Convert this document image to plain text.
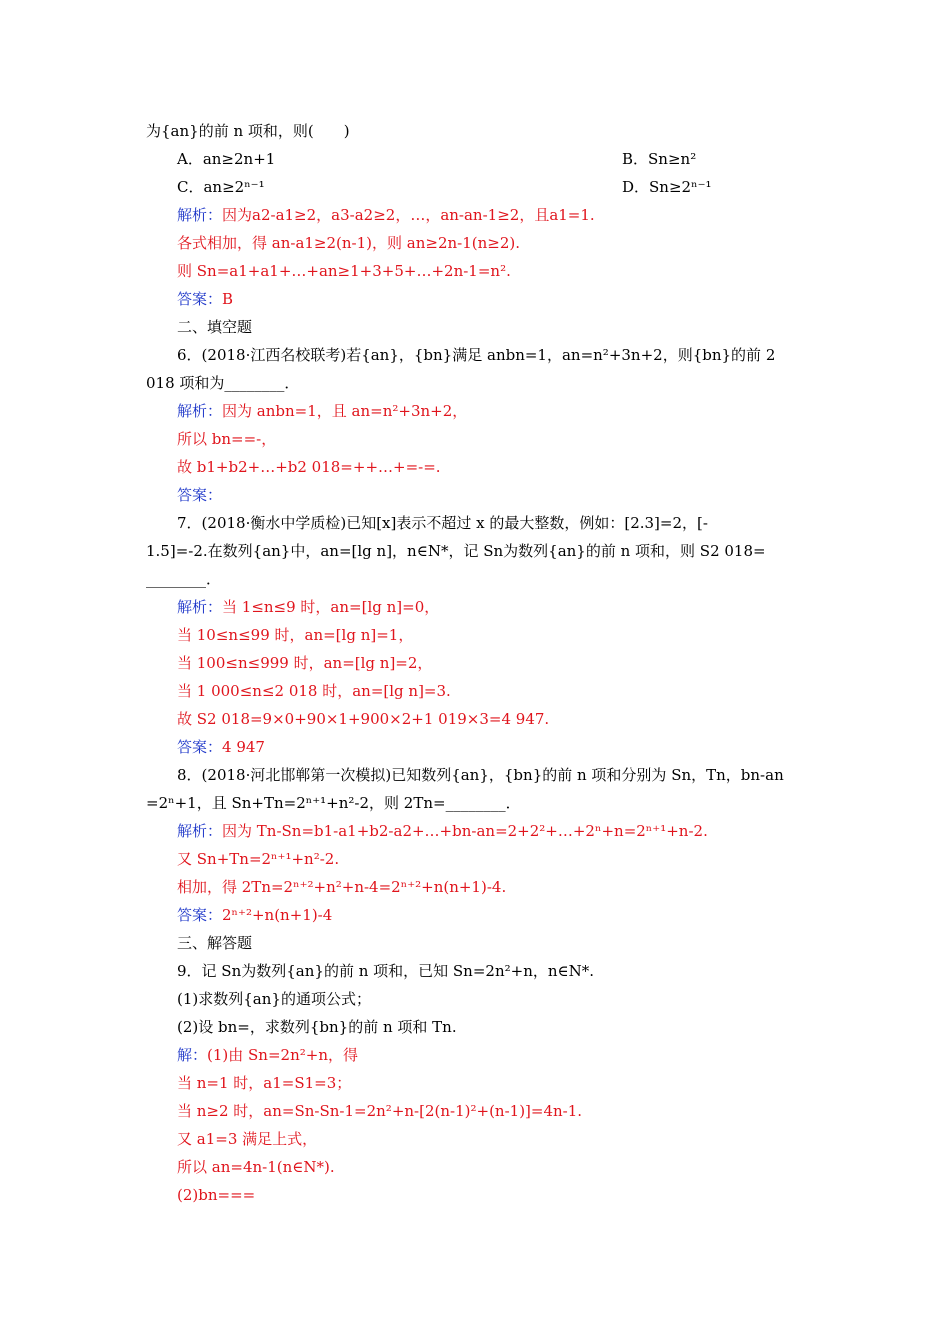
为{an}的前 n 项和，则(　　)
A．an≥2n+1	B．Sn≥n²
C．an≥2ⁿ⁻¹	D．Sn≥2ⁿ⁻¹
解析：因为a2-a1≥2，a3-a2≥2，…，an-an-1≥2，且a1=1.
各式相加，得 an-a1≥2(n-1)，则 an≥2n-1(n≥2).
则 Sn=a1+a1+…+an≥1+3+5+…+2n-1=n².
答案：B
二、填空题
6．(2018·江西名校联考)若{an}，{bn}满足 anbn=1，an=n²+3n+2，则{bn}的前 2
018 项和为________．
解析：因为 anbn=1，且 an=n²+3n+2，
所以 bn==-，
故 b1+b2+…+b2 018=++…+=-=.
答案：
7．(2018·衡水中学质检)已知[x]表示不超过 x 的最大整数，例如：[2.3]=2，[-
1.5]=-2.在数列{an}中，an=[lg n]，n∈N*，记 Sn为数列{an}的前 n 项和，则 S2 018=
________．
解析：当 1≤n≤9 时，an=[lg n]=0，
当 10≤n≤99 时，an=[lg n]=1，
当 100≤n≤999 时，an=[lg n]=2，
当 1 000≤n≤2 018 时，an=[lg n]=3.
故 S2 018=9×0+90×1+900×2+1 019×3=4 947.
答案：4 947
8．(2018·河北邯郸第一次模拟)已知数列{an}，{bn}的前 n 项和分别为 Sn，Tn，bn-an
=2ⁿ+1，且 Sn+Tn=2ⁿ⁺¹+n²-2，则 2Tn=________．
解析：因为 Tn-Sn=b1-a1+b2-a2+…+bn-an=2+2²+…+2ⁿ+n=2ⁿ⁺¹+n-2.
又 Sn+Tn=2ⁿ⁺¹+n²-2.
相加，得 2Tn=2ⁿ⁺²+n²+n-4=2ⁿ⁺²+n(n+1)-4.
答案：2ⁿ⁺²+n(n+1)-4
三、解答题
9．记 Sn为数列{an}的前 n 项和，已知 Sn=2n²+n，n∈N*.
(1)求数列{an}的通项公式；
(2)设 bn=，求数列{bn}的前 n 项和 Tn.
解：(1)由 Sn=2n²+n，得
当 n=1 时，a1=S1=3；
当 n≥2 时，an=Sn-Sn-1=2n²+n-[2(n-1)²+(n-1)]=4n-1.
又 a1=3 满足上式，
所以 an=4n-1(n∈N*).
(2)bn===
